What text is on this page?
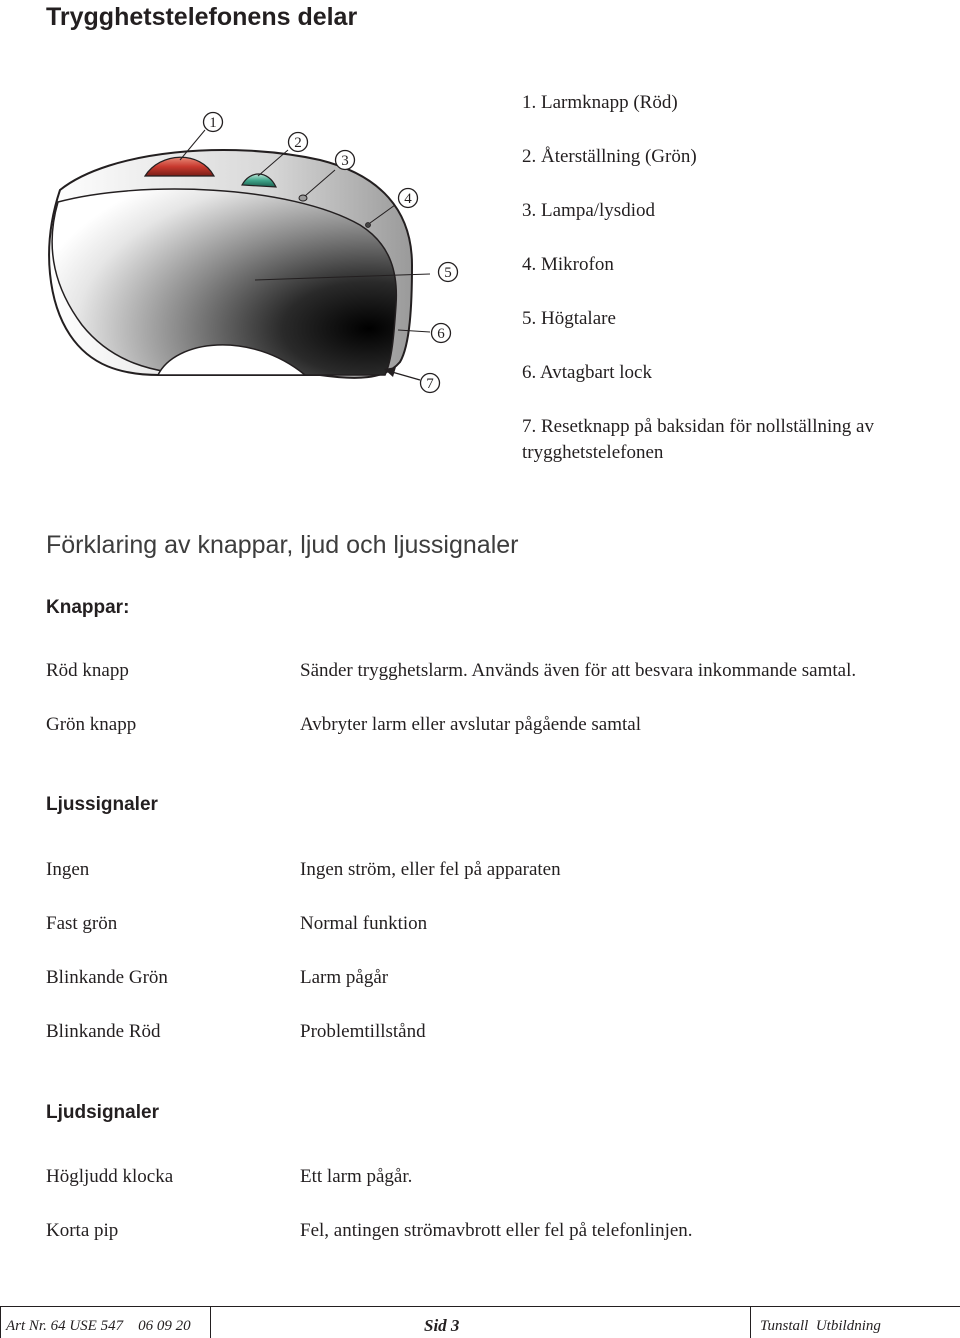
Trygghetstelefonens delar
1
2
3
4
5
6
7
1. Larmknapp (Röd)
2. Återställning (Grön)
3. Lampa/lysdiod
4. Mikrofon
5. Högtalare
6. Avtagbart lock
7. Resetknapp på baksidan för nollställning av trygghetstelefonen
Förklaring av knappar, ljud och ljussignaler
Knappar:
Röd knapp	Sänder trygghetslarm. Används även för att besvara inkommande samtal.
Grön knapp	Avbryter larm eller avslutar pågående samtal
Ljussignaler
Ingen	Ingen ström, eller fel på apparaten
Fast grön	Normal funktion
Blinkande Grön	Larm pågår
Blinkande Röd	Problemtillstånd
Ljudsignaler
Högljudd klocka	Ett larm pågår.
Korta pip	Fel, antingen strömavbrott eller fel på telefonlinjen.
Art Nr. 64 USE 547    06 09 20	Sid 3	Tunstall  Utbildning
